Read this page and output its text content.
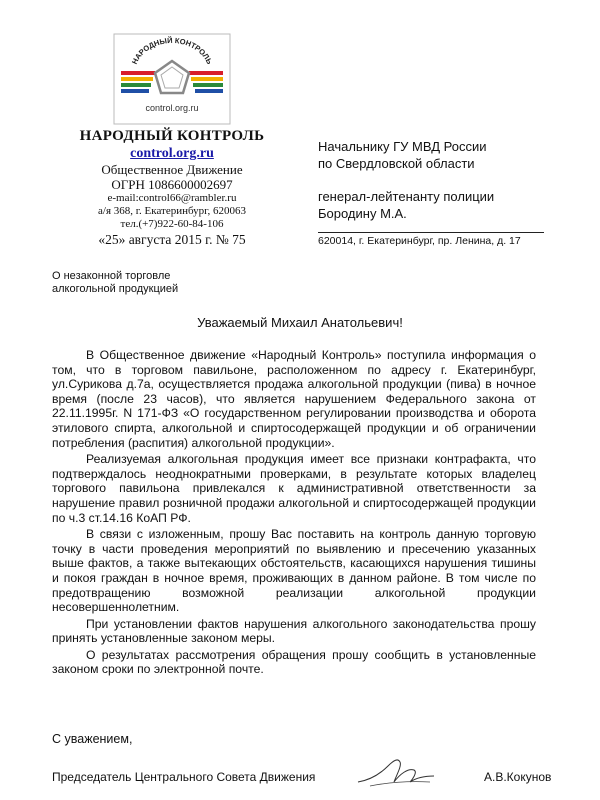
НАРОДНЫЙ КОНТРОЛЬ
control.org.ru
НАРОДНЫЙ КОНТРОЛЬ
control.org.ru
Общественное Движение
ОГРН 1086600002697
e-mail:control66@rambler.ru
а/я 368, г. Екатеринбург, 620063
тел.(+7)922-60-84-106
«25» августа 2015 г. № 75
Начальнику ГУ МВД России
по Свердловской области
генерал-лейтенанту полиции
Бородину М.А.
620014, г. Екатеринбург, пр. Ленина, д. 17
О незаконной торговле
алкогольной продукцией
Уважаемый Михаил Анатольевич!

В Общественное движение «Народный Контроль» поступила информация о том, что в торговом павильоне, расположенном по адресу г. Екатеринбург, ул.Сурикова д.7а, осуществляется продажа алкогольной продукции (пива) в ночное время (после 23 часов), что является нарушением Федерального закона от 22.11.1995г. N 171-ФЗ «О государственном регулировании производства и оборота этилового спирта, алкогольной и спиртосодержащей продукции и об ограничении потребления (распития) алкогольной продукции».

Реализуемая алкогольная продукция имеет все признаки контрафакта, что подтверждалось неоднократными проверками, в результате которых владелец торгового павильона привлекался к административной ответственности за нарушение правил розничной продажи алкогольной и спиртосодержащей продукции по ч.3 ст.14.16 КоАП РФ.

В связи с изложенным, прошу Вас поставить на контроль данную торговую точку в части проведения мероприятий по выявлению и пресечению указанных выше фактов, а также вытекающих обстоятельств, касающихся нарушения тишины и покоя граждан в ночное время, проживающих в данном районе. В том числе по предотвращению возможной реализации алкогольной продукции несовершеннолетним.

При установлении фактов нарушения алкогольного законодательства прошу принять установленные законом меры.

О результатах рассмотрения обращения прошу сообщить в установленные законом сроки по электронной почте.

С уважением,
Председатель Центрального Совета Движения	А.В.Кокунов
